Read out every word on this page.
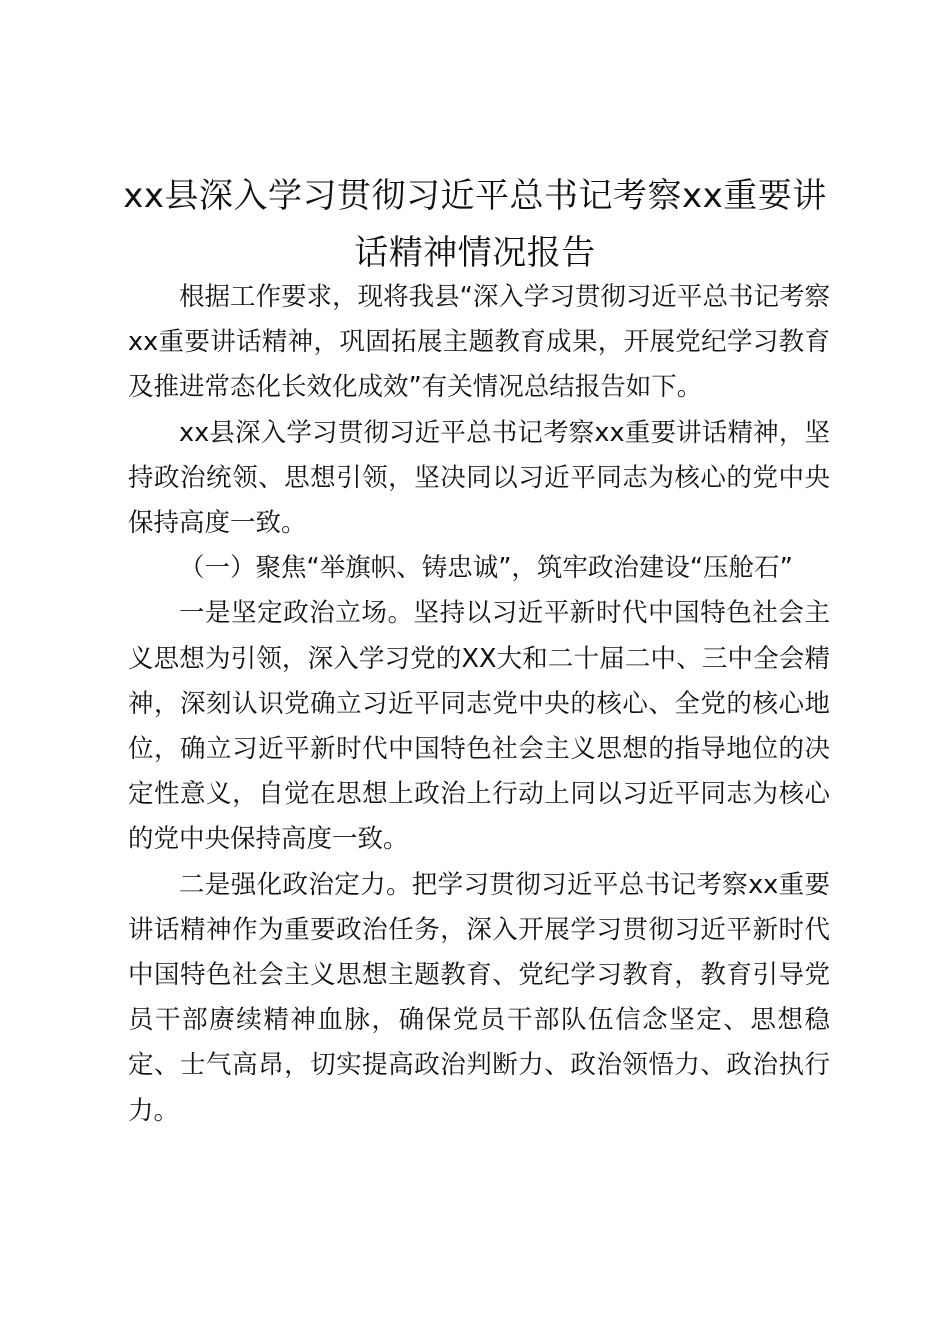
xx县深入学习贯彻习近平总书记考察xx重要讲话精神情况报告

根据工作要求，现将我县“深入学习贯彻习近平总书记考察xx重要讲话精神，巩固拓展主题教育成果，开展党纪学习教育及推进常态化长效化成效”有关情况总结报告如下。

xx县深入学习贯彻习近平总书记考察xx重要讲话精神，坚持政治统领、思想引领，坚决同以习近平同志为核心的党中央保持高度一致。

（一）聚焦“举旗帜、铸忠诚”，筑牢政治建设“压舱石”

一是坚定政治立场。坚持以习近平新时代中国特色社会主义思想为引领，深入学习党的XX大和二十届二中、三中全会精神，深刻认识党确立习近平同志党中央的核心、全党的核心地位，确立习近平新时代中国特色社会主义思想的指导地位的决定性意义，自觉在思想上政治上行动上同以习近平同志为核心的党中央保持高度一致。

二是强化政治定力。把学习贯彻习近平总书记考察xx重要讲话精神作为重要政治任务，深入开展学习贯彻习近平新时代中国特色社会主义思想主题教育、党纪学习教育，教育引导党员干部赓续精神血脉，确保党员干部队伍信念坚定、思想稳定、士气高昂，切实提高政治判断力、政治领悟力、政治执行力。
